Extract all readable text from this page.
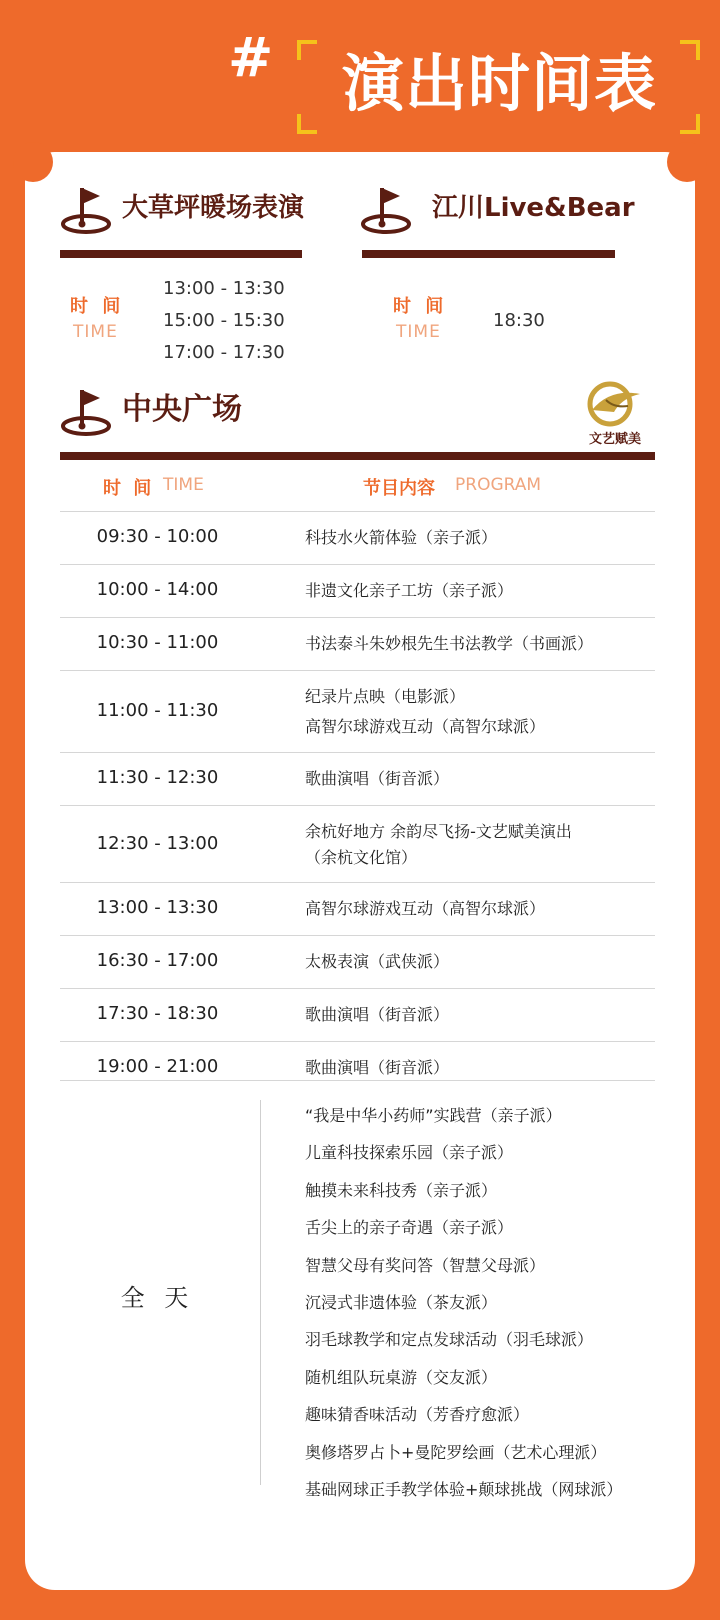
#	演出时间表
大草坪暖场表演
时 间
TIME
13:00 - 13:30
15:00 - 15:30
17:00 - 17:30
江川Live&Bear
时 间
TIME
18:30
中央广场
文艺赋美
时 间 TIME	节目内容 PROGRAM
09:30 - 10:00	科技水火箭体验（亲子派）
10:00 - 14:00	非遗文化亲子工坊（亲子派）
10:30 - 11:00	书法泰斗朱妙根先生书法教学（书画派）
11:00 - 11:30
纪录片点映（电影派）
高智尔球游戏互动（高智尔球派）
11:30 - 12:30	歌曲演唱（街音派）
12:30 - 13:00
余杭好地方 余韵尽飞扬-文艺赋美演出
（余杭文化馆）
13:00 - 13:30	高智尔球游戏互动（高智尔球派）
16:30 - 17:00	太极表演（武侠派）
17:30 - 18:30	歌曲演唱（街音派）
19:00 - 21:00	歌曲演唱（街音派）
全 天
“我是中华小药师”实践营（亲子派）
儿童科技探索乐园（亲子派）
触摸未来科技秀（亲子派）
舌尖上的亲子奇遇（亲子派）
智慧父母有奖问答（智慧父母派）
沉浸式非遗体验（茶友派）
羽毛球教学和定点发球活动（羽毛球派）
随机组队玩桌游（交友派）
趣味猜香味活动（芳香疗愈派）
奥修塔罗占卜+曼陀罗绘画（艺术心理派）
基础网球正手教学体验+颠球挑战（网球派）
